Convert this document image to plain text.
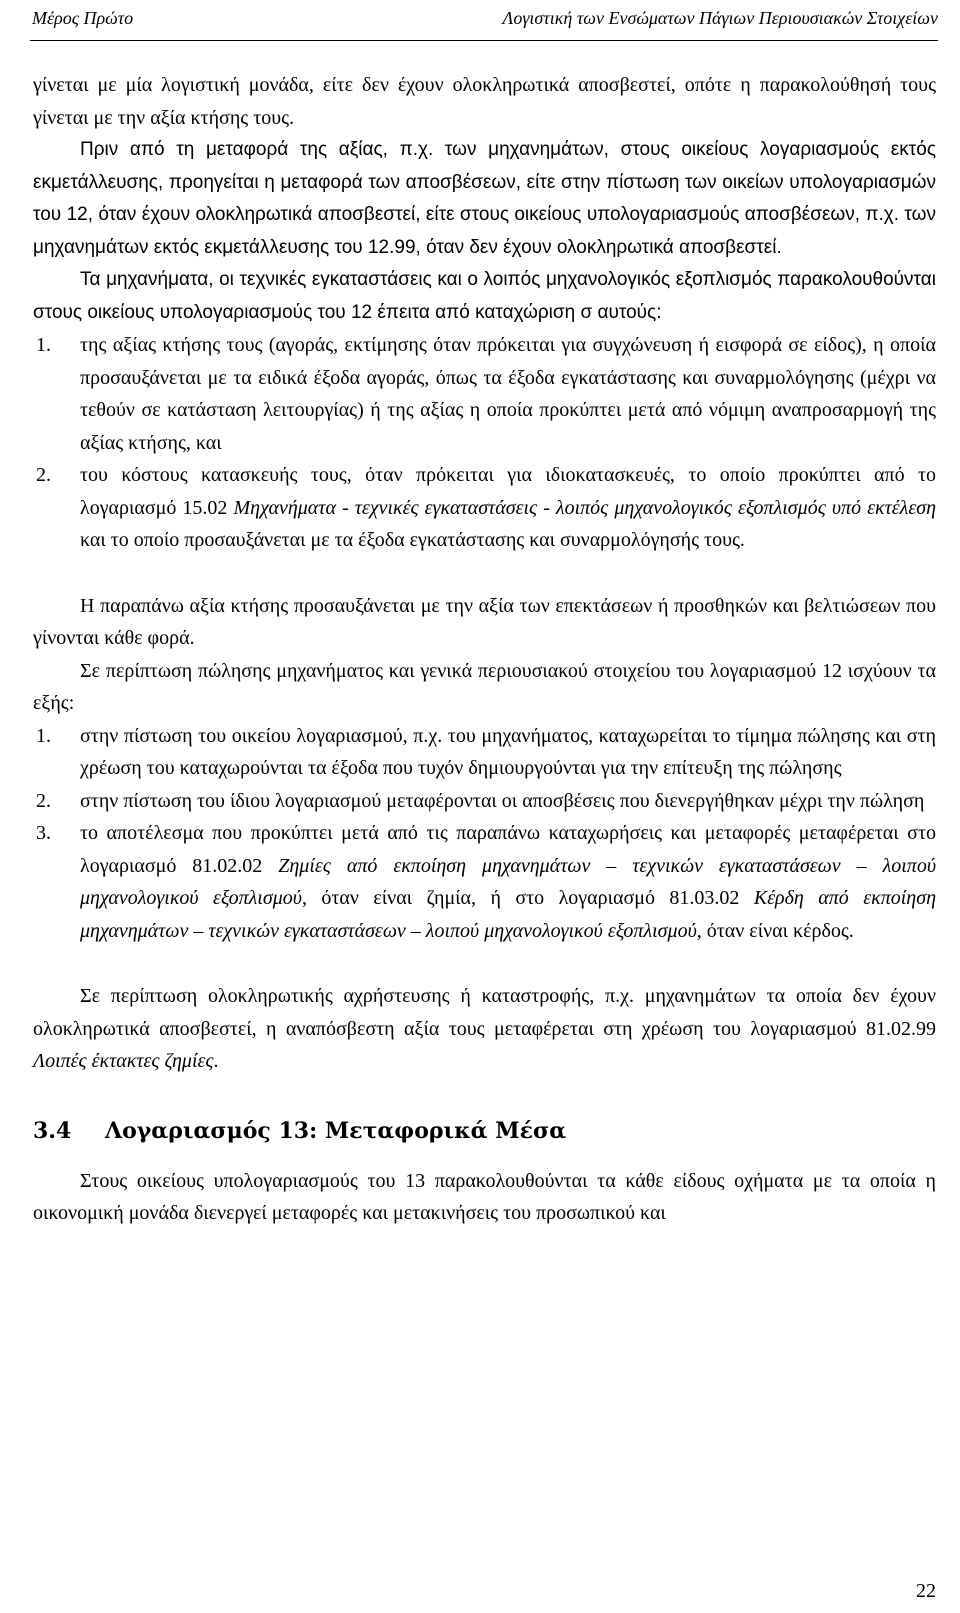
Μέρος Πρώτο	Λογιστική των Ενσώματων Πάγιων Περιουσιακών Στοιχείων

γίνεται με μία λογιστική μονάδα, είτε δεν έχουν ολοκληρωτικά αποσβεστεί, οπότε η παρακολούθησή τους γίνεται με την αξία κτήσης τους.

Πριν από τη μεταφορά της αξίας, π.χ. των μηχανημάτων, στους οικείους λογαριασμούς εκτός εκμετάλλευσης, προηγείται η μεταφορά των αποσβέσεων, είτε στην πίστωση των οικείων υπολογαριασμών του 12, όταν έχουν ολοκληρωτικά αποσβεστεί, είτε στους οικείους υπολογαριασμούς αποσβέσεων, π.χ. των μηχανημάτων εκτός εκμετάλλευσης του 12.99, όταν δεν έχουν ολοκληρωτικά αποσβεστεί.

Τα μηχανήματα, οι τεχνικές εγκαταστάσεις και ο λοιπός μηχανολογικός εξοπλισμός παρακολουθούνται στους οικείους υπολογαριασμούς του 12 έπειτα από καταχώριση σ αυτούς:

1. της αξίας κτήσης τους (αγοράς, εκτίμησης όταν πρόκειται για συγχώνευση ή εισφορά σε είδος), η οποία προσαυξάνεται με τα ειδικά έξοδα αγοράς, όπως τα έξοδα εγκατάστασης και συναρμολόγησης (μέχρι να τεθούν σε κατάσταση λειτουργίας) ή της αξίας η οποία προκύπτει μετά από νόμιμη αναπροσαρμογή της αξίας κτήσης, και
2. του κόστους κατασκευής τους, όταν πρόκειται για ιδιοκατασκευές, το οποίο προκύπτει από το λογαριασμό 15.02 Μηχανήματα - τεχνικές εγκαταστάσεις - λοιπός μηχανολογικός εξοπλισμός υπό εκτέλεση και το οποίο προσαυξάνεται με τα έξοδα εγκατάστασης και συναρμολόγησής τους.

Η παραπάνω αξία κτήσης προσαυξάνεται με την αξία των επεκτάσεων ή προσθηκών και βελτιώσεων που γίνονται κάθε φορά.

Σε περίπτωση πώλησης μηχανήματος και γενικά περιουσιακού στοιχείου του λογαριασμού 12 ισχύουν τα εξής:

1. στην πίστωση του οικείου λογαριασμού, π.χ. του μηχανήματος, καταχωρείται το τίμημα πώλησης και στη χρέωση του καταχωρούνται τα έξοδα που τυχόν δημιουργούνται για την επίτευξη της πώλησης
2. στην πίστωση του ίδιου λογαριασμού μεταφέρονται οι αποσβέσεις που διενεργήθηκαν μέχρι την πώληση
3. το αποτέλεσμα που προκύπτει μετά από τις παραπάνω καταχωρήσεις και μεταφορές μεταφέρεται στο λογαριασμό 81.02.02 Ζημίες από εκποίηση μηχανημάτων – τεχνικών εγκαταστάσεων – λοιπού μηχανολογικού εξοπλισμού, όταν είναι ζημία, ή στο λογαριασμό 81.03.02 Κέρδη από εκποίηση μηχανημάτων – τεχνικών εγκαταστάσεων – λοιπού μηχανολογικού εξοπλισμού, όταν είναι κέρδος.

Σε περίπτωση ολοκληρωτικής αχρήστευσης ή καταστροφής, π.χ. μηχανημάτων τα οποία δεν έχουν ολοκληρωτικά αποσβεστεί, η αναπόσβεστη αξία τους μεταφέρεται στη χρέωση του λογαριασμού 81.02.99 Λοιπές έκτακτες ζημίες.

3.4 Λογαριασμός 13: Μεταφορικά Μέσα

Στους οικείους υπολογαριασμούς του 13 παρακολουθούνται τα κάθε είδους οχήματα με τα οποία η οικονομική μονάδα διενεργεί μεταφορές και μετακινήσεις του προσωπικού και

22
